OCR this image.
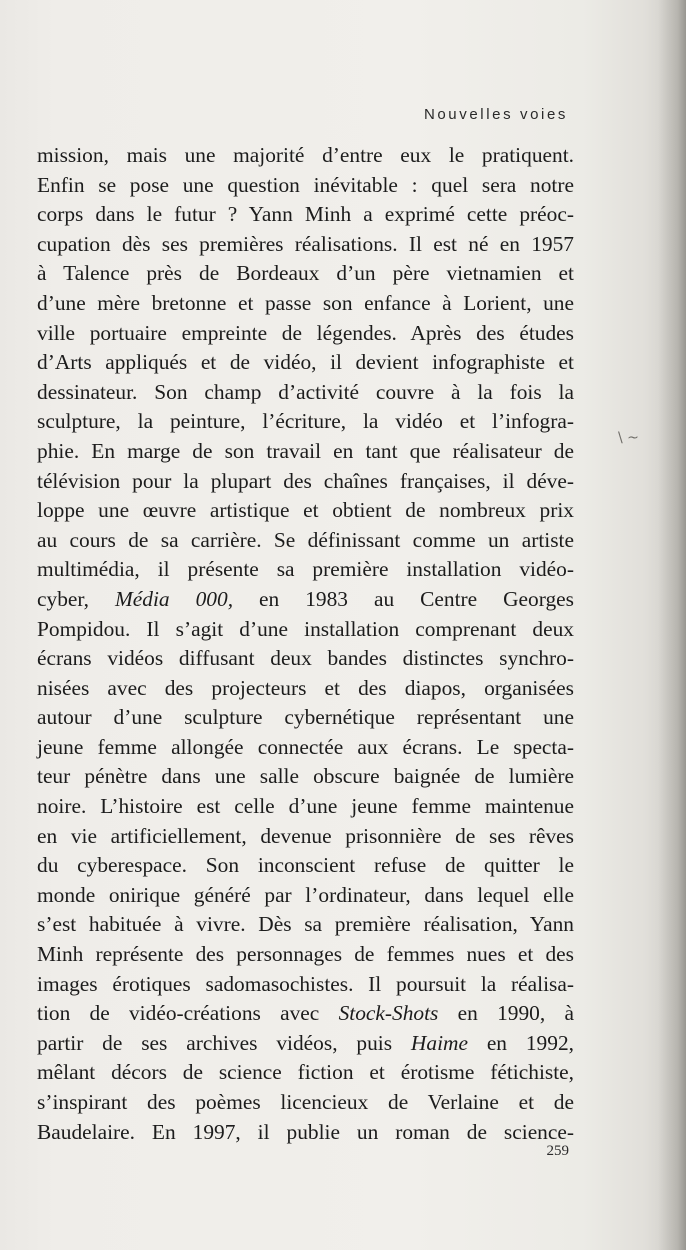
Nouvelles voies
mission, mais une majorité d’entre eux le pratiquent.
Enfin se pose une question inévitable : quel sera notre
corps dans le futur ? Yann Minh a exprimé cette préoc-
cupation dès ses premières réalisations. Il est né en 1957
à Talence près de Bordeaux d’un père vietnamien et
d’une mère bretonne et passe son enfance à Lorient, une
ville portuaire empreinte de légendes. Après des études
d’Arts appliqués et de vidéo, il devient infographiste et
dessinateur. Son champ d’activité couvre à la fois la
sculpture, la peinture, l’écriture, la vidéo et l’infogra-
phie. En marge de son travail en tant que réalisateur de
télévision pour la plupart des chaînes françaises, il déve-
loppe une œuvre artistique et obtient de nombreux prix
au cours de sa carrière. Se définissant comme un artiste
multimédia, il présente sa première installation vidéo-
cyber, Média 000, en 1983 au Centre Georges
Pompidou. Il s’agit d’une installation comprenant deux
écrans vidéos diffusant deux bandes distinctes synchro-
nisées avec des projecteurs et des diapos, organisées
autour d’une sculpture cybernétique représentant une
jeune femme allongée connectée aux écrans. Le specta-
teur pénètre dans une salle obscure baignée de lumière
noire. L’histoire est celle d’une jeune femme maintenue
en vie artificiellement, devenue prisonnière de ses rêves
du cyberespace. Son inconscient refuse de quitter le
monde onirique généré par l’ordinateur, dans lequel elle
s’est habituée à vivre. Dès sa première réalisation, Yann
Minh représente des personnages de femmes nues et des
images érotiques sadomasochistes. Il poursuit la réalisa-
tion de vidéo-créations avec Stock-Shots en 1990, à
partir de ses archives vidéos, puis Haime en 1992,
mêlant décors de science fiction et érotisme fétichiste,
s’inspirant des poèmes licencieux de Verlaine et de
Baudelaire. En 1997, il publie un roman de science-
\ ~
259
